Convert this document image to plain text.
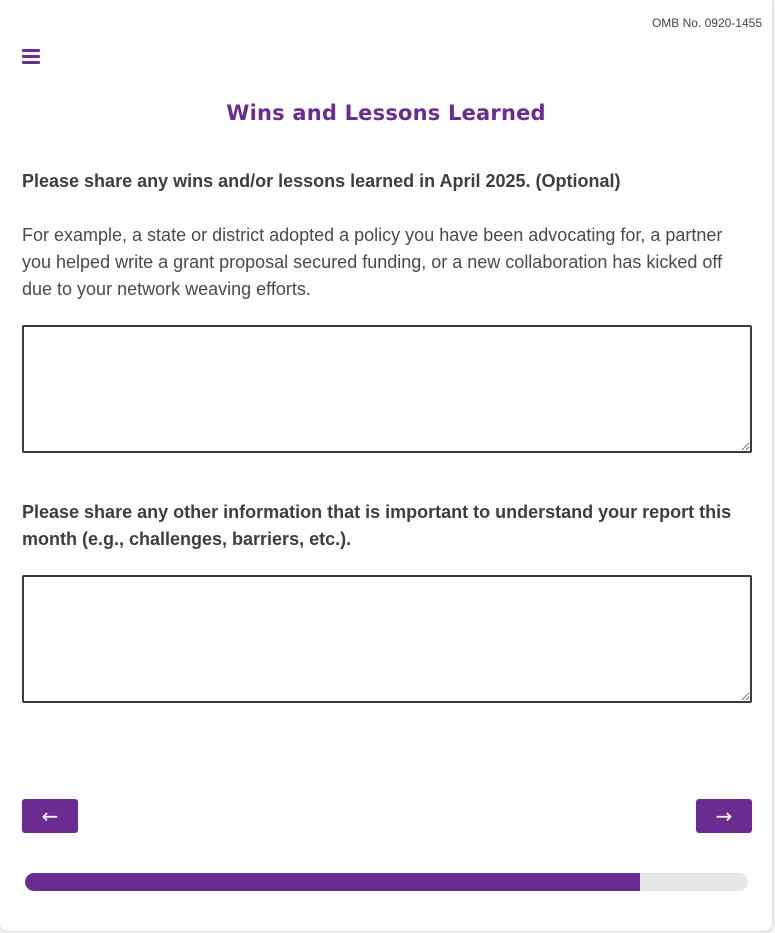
OMB No. 0920-1455
Wins and Lessons Learned
Please share any wins and/or lessons learned in April 2025. (Optional)
For example, a state or district adopted a policy you have been advocating for, a partner you helped write a grant proposal secured funding, or a new collaboration has kicked off due to your network weaving efforts.
Please share any other information that is important to understand your report this month (e.g., challenges, barriers, etc.).
←	→
